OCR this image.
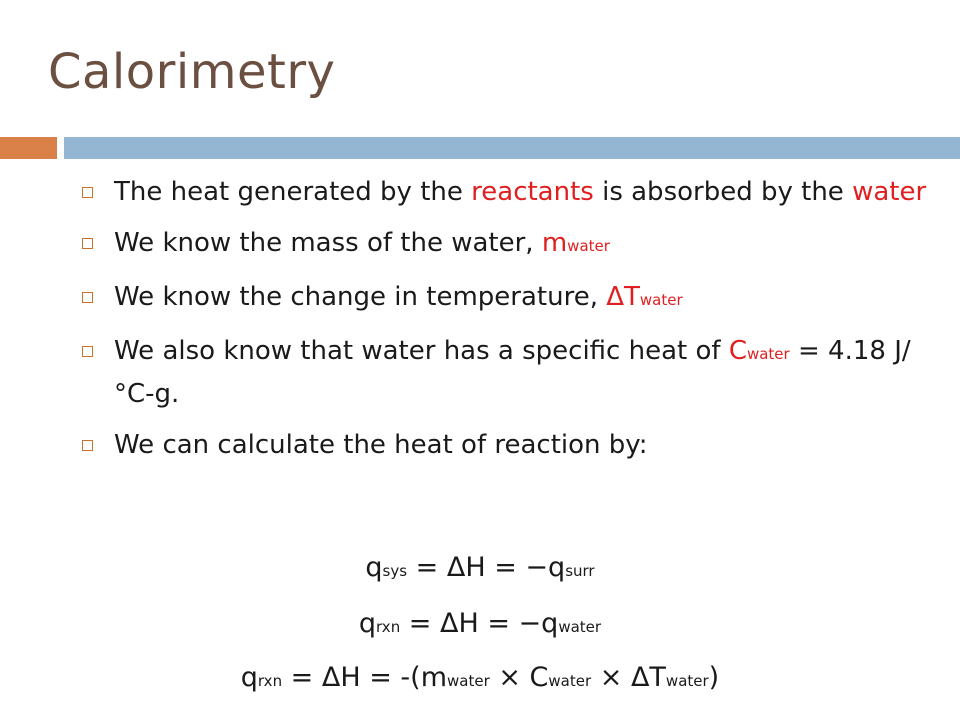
Calorimetry
The heat generated by the reactants is absorbed by the water
We know the mass of the water, mwater
We know the change in temperature, ΔTwater
We also know that water has a specific heat of Cwater = 4.18 J/°C-g.
We can calculate the heat of reaction by:
qsys = ΔH = −qsurr
qrxn = ΔH = −qwater
qrxn = ΔH = -(mwater × Cwater × ΔTwater)
